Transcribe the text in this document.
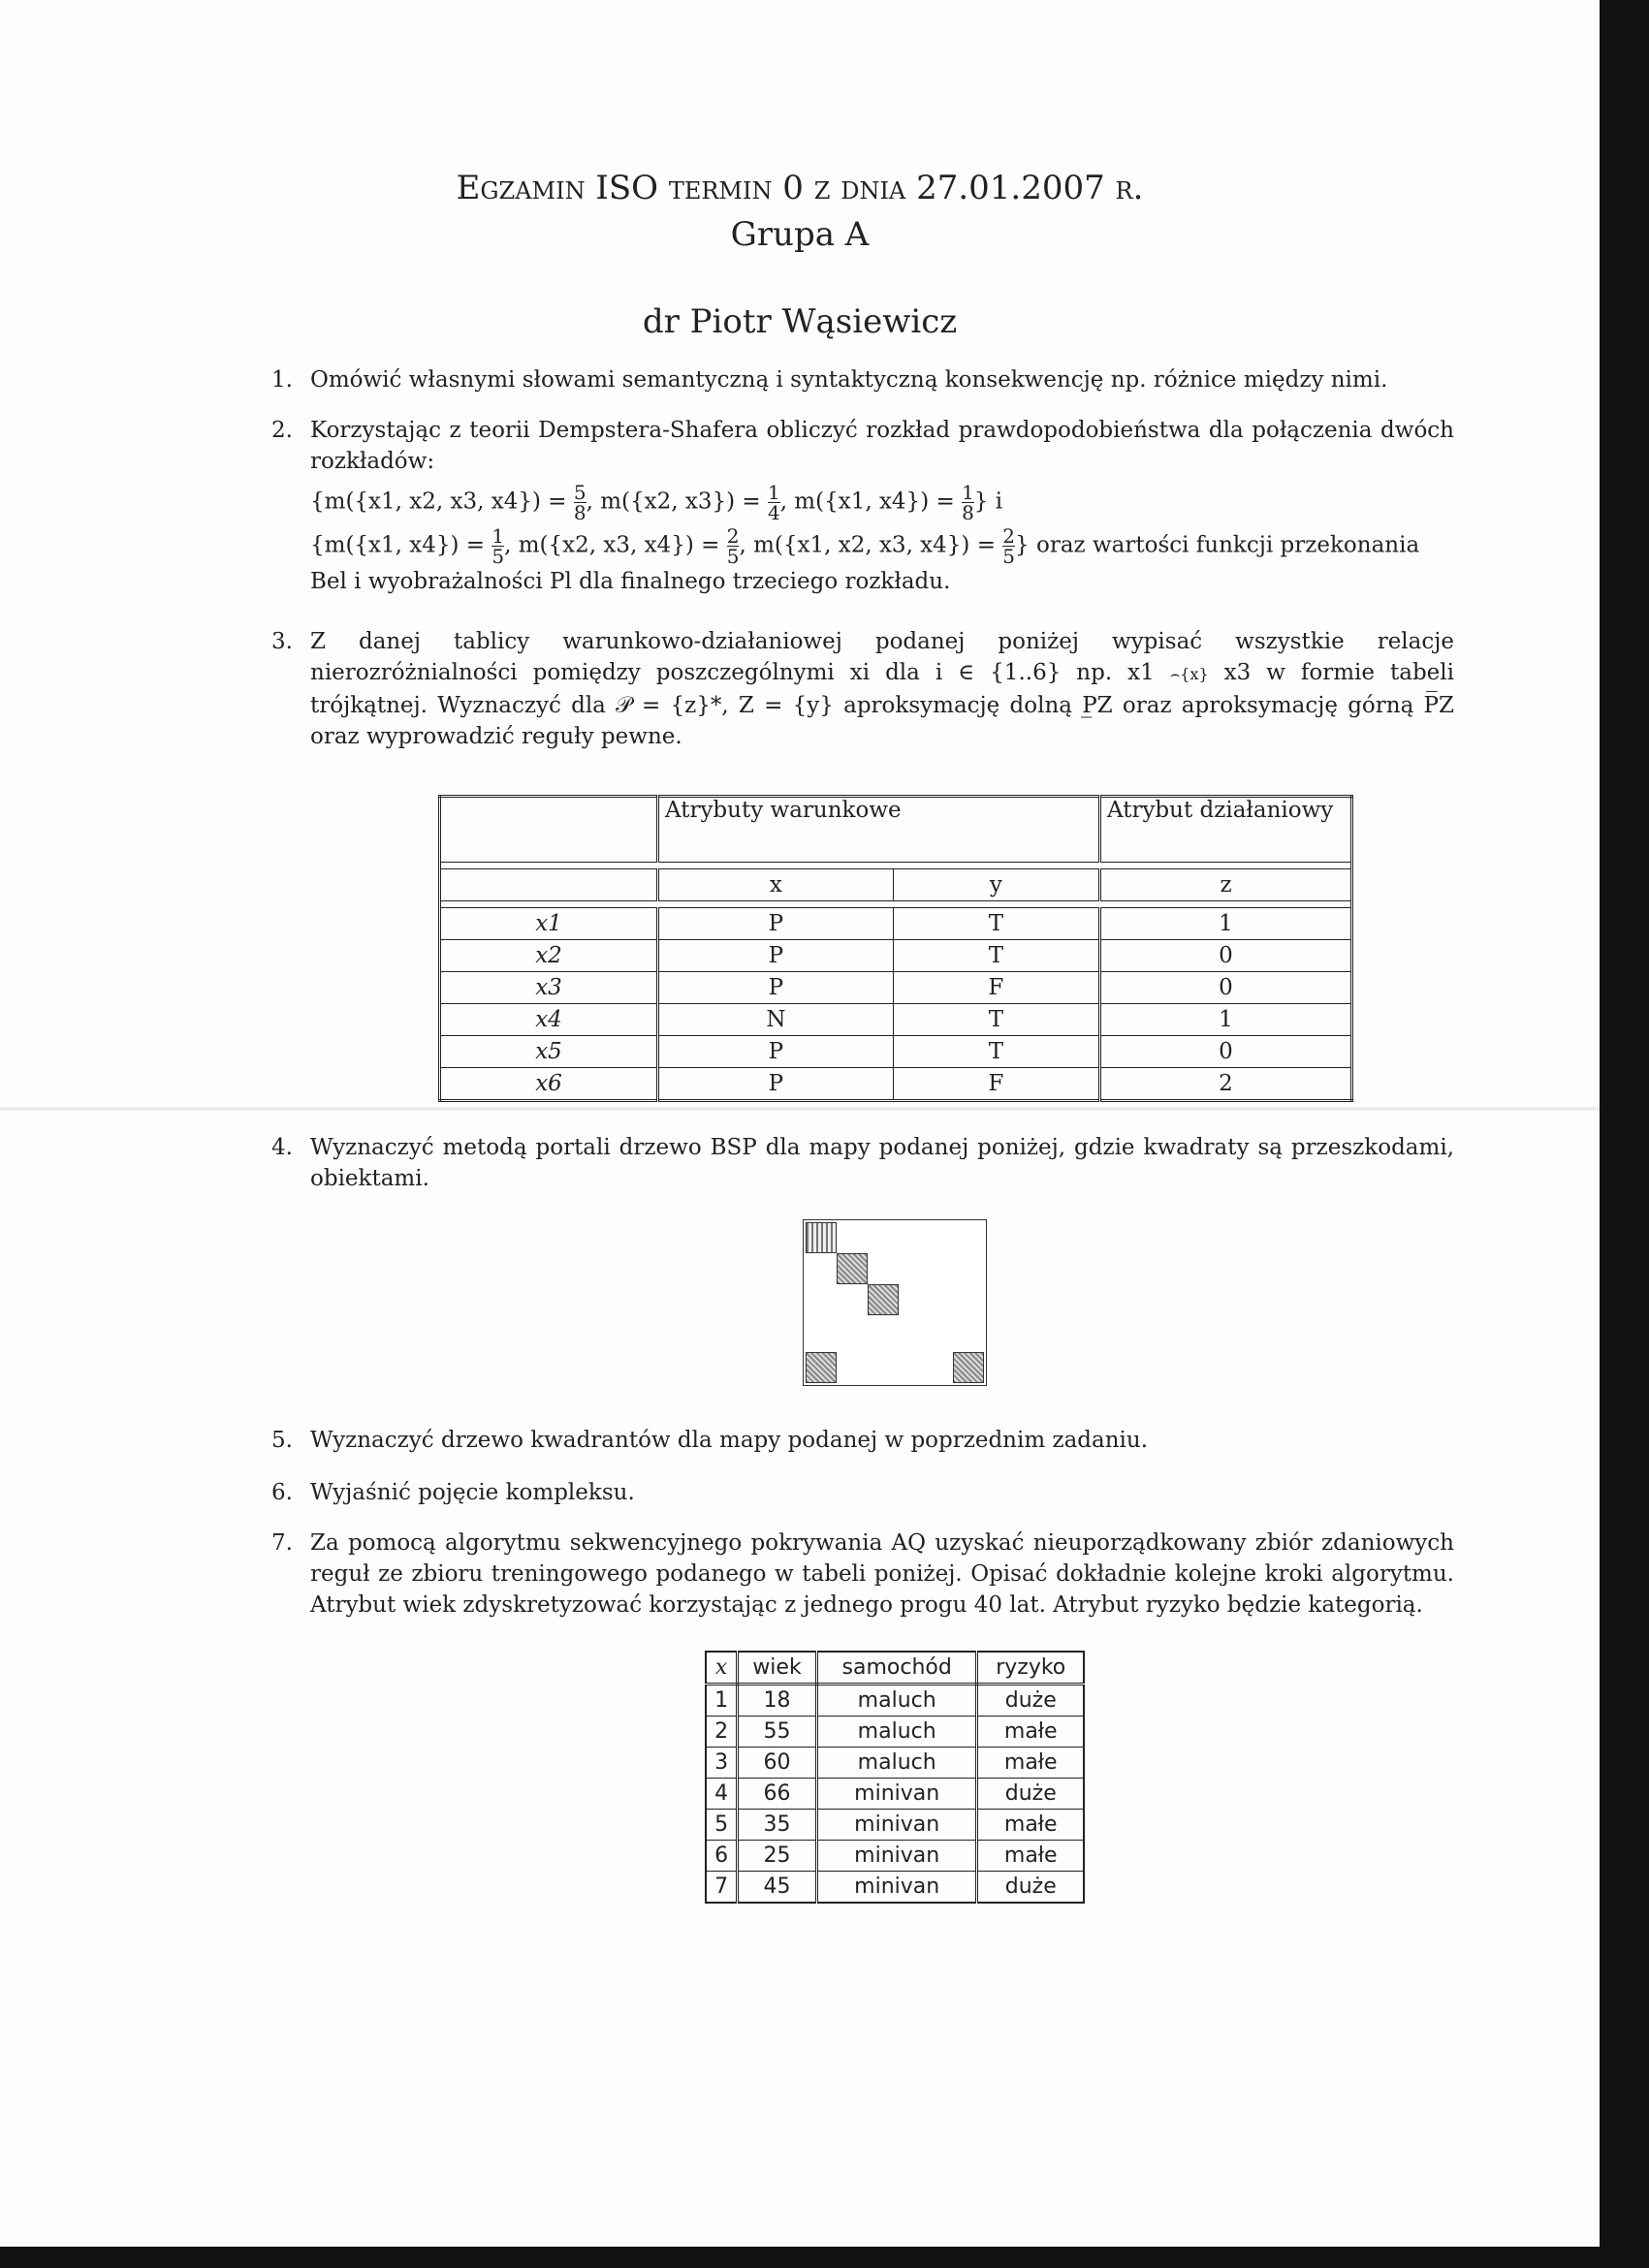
Egzamin ISO termin 0 z dnia 27.01.2007 r.
Grupa A
dr Piotr Wąsiewicz
1. Omówić własnymi słowami semantyczną i syntaktyczną konsekwencję np. różnice między nimi.

2. Korzystając z teorii Dempstera-Shafera obliczyć rozkład prawdopodobieństwa dla połączenia dwóch rozkładów:

{m({x1, x2, x3, $x4\}) = \frac{5}{8}$ , m({x2, $x3\}) = \frac{1}{4}$ , m({x1, $x4\}) = \frac{1}{8}$ } i
{m({x1, $x4\}) = \frac{1}{5}$ , m({x2, x3, $x4\}) = \frac{2}{5}$ , m({x1, x2, x3, $x4\}) = \frac{2}{5}$ } oraz wartości funkcji przekonania

Bel i wyobrażalności Pl dla finalnego trzeciego rozkładu.

3. Z danej tablicy warunkowo-działaniowej podanej poniżej wypisać wszystkie relacje nierozróżnialności pomiędzy poszczególnymi xi dla i ∈ {1..6} np. x1 ⌢{x} x3 w formie tabeli trójkątnej. Wyznaczyć dla 𝒫 = {z}*, Z = {y} aproksymację dolną P̲Z oraz aproksymację górną P̅Z oraz wyprowadzić reguły pewne.

	Atrybuty warunkowe		Atrybut działaniowy

	x	y	z

x1	P	T	1
x2	P	T	0
x3	P	F	0
x4	N	T	1
x5	P	T	0
x6	P	F	2
4. Wyznaczyć metodą portali drzewo BSP dla mapy podanej poniżej, gdzie kwadraty są przeszkodami, obiektami.

5. Wyznaczyć drzewo kwadrantów dla mapy podanej w poprzednim zadaniu.

6. Wyjaśnić pojęcie kompleksu.

7. Za pomocą algorytmu sekwencyjnego pokrywania AQ uzyskać nieuporządkowany zbiór zdaniowych reguł ze zbioru treningowego podanego w tabeli poniżej. Opisać dokładnie kolejne kroki algorytmu. Atrybut wiek zdyskretyzować korzystając z jednego progu 40 lat. Atrybut ryzyko będzie kategorią.

x	wiek	samochód	ryzyko
1	18	maluch	duże
2	55	maluch	małe
3	60	maluch	małe
4	66	minivan	duże
5	35	minivan	małe
6	25	minivan	małe
7	45	minivan	duże
